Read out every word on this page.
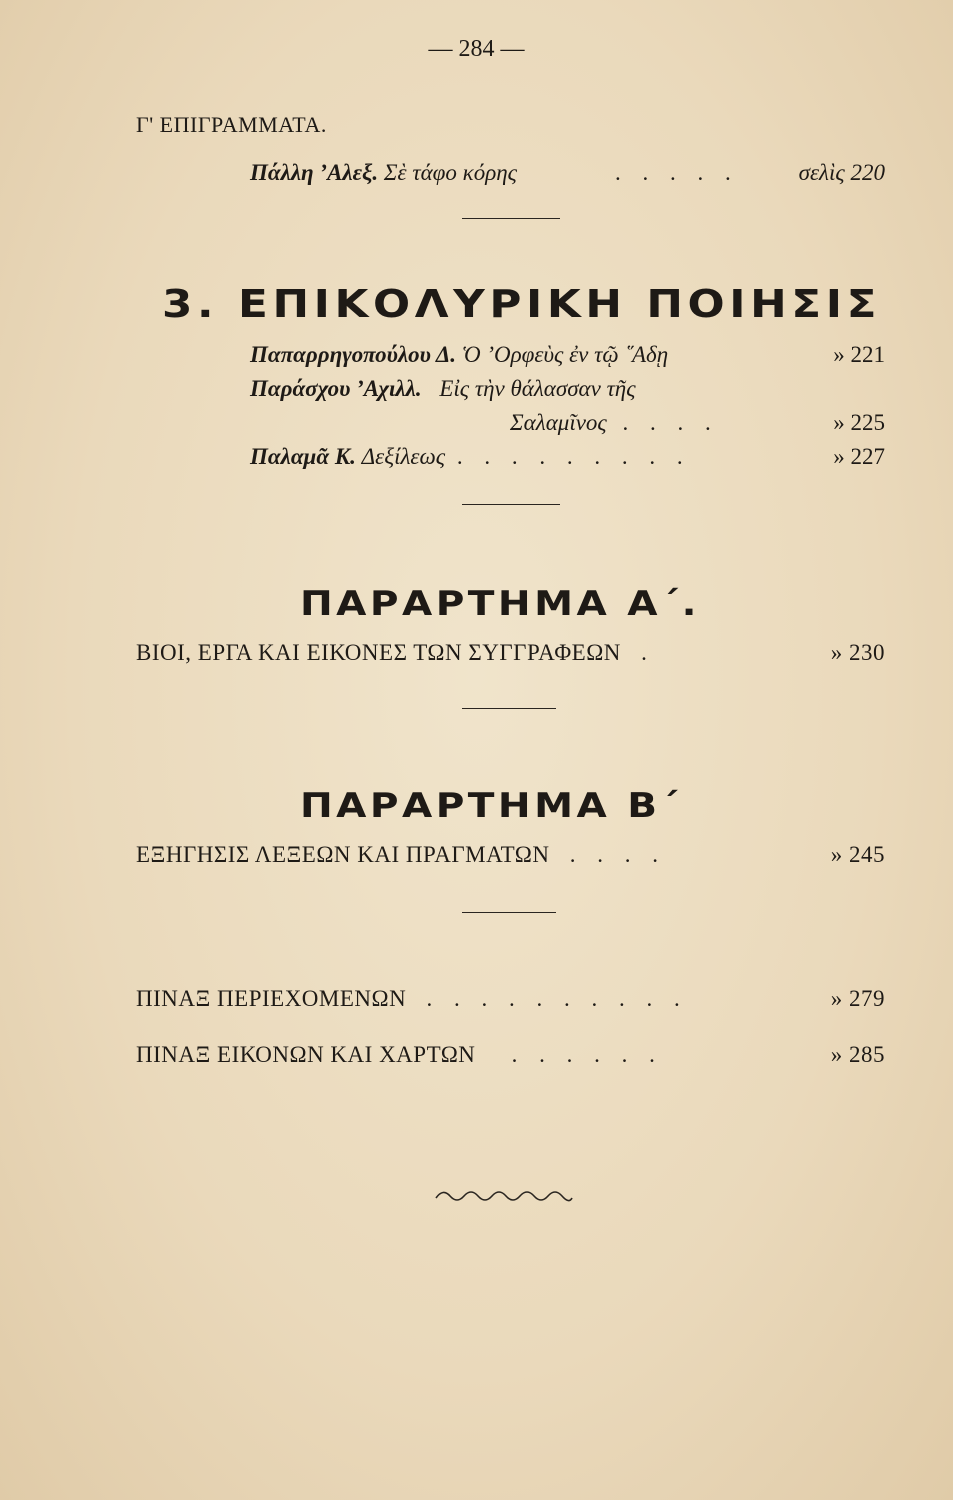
— 284 —
Γ' ΕΠΙΓΡΑΜΜΑΤΑ.
Πάλλη ’Αλεξ. Σὲ τάφο κόρης	. . . . .	σελὶς 220
3. ΕΠΙΚΟΛΥΡΙΚΗ ΠΟΙΗΣΙΣ
Παπαρρηγοπούλου Δ. Ὁ ’Ορφεὺς ἐν τῷ ῞Αδῃ	» 221
Παράσχου ’Αχιλλ. Εἰς τὴν θάλασσαν τῆς
Σαλαμῖνος . . . .	» 225
Παλαμᾶ Κ. Δεξίλεως . . . . . . . . .	» 227
ΠΑΡΑΡΤΗΜΑ Α΄.
ΒΙΟΙ, ΕΡΓΑ ΚΑΙ ΕΙΚΟΝΕΣ ΤΩΝ ΣΥΓΓΡΑΦΕΩΝ .	» 230
ΠΑΡΑΡΤΗΜΑ Β΄
ΕΞΗΓΗΣΙΣ ΛΕΞΕΩΝ ΚΑΙ ΠΡΑΓΜΑΤΩΝ . . . .	» 245
ΠΙΝΑΞ ΠΕΡΙΕΧΟΜΕΝΩΝ . . . . . . . . . .	» 279
ΠΙΝΑΞ ΕΙΚΟΝΩΝ ΚΑΙ ΧΑΡΤΩΝ . . . . . .	» 285
